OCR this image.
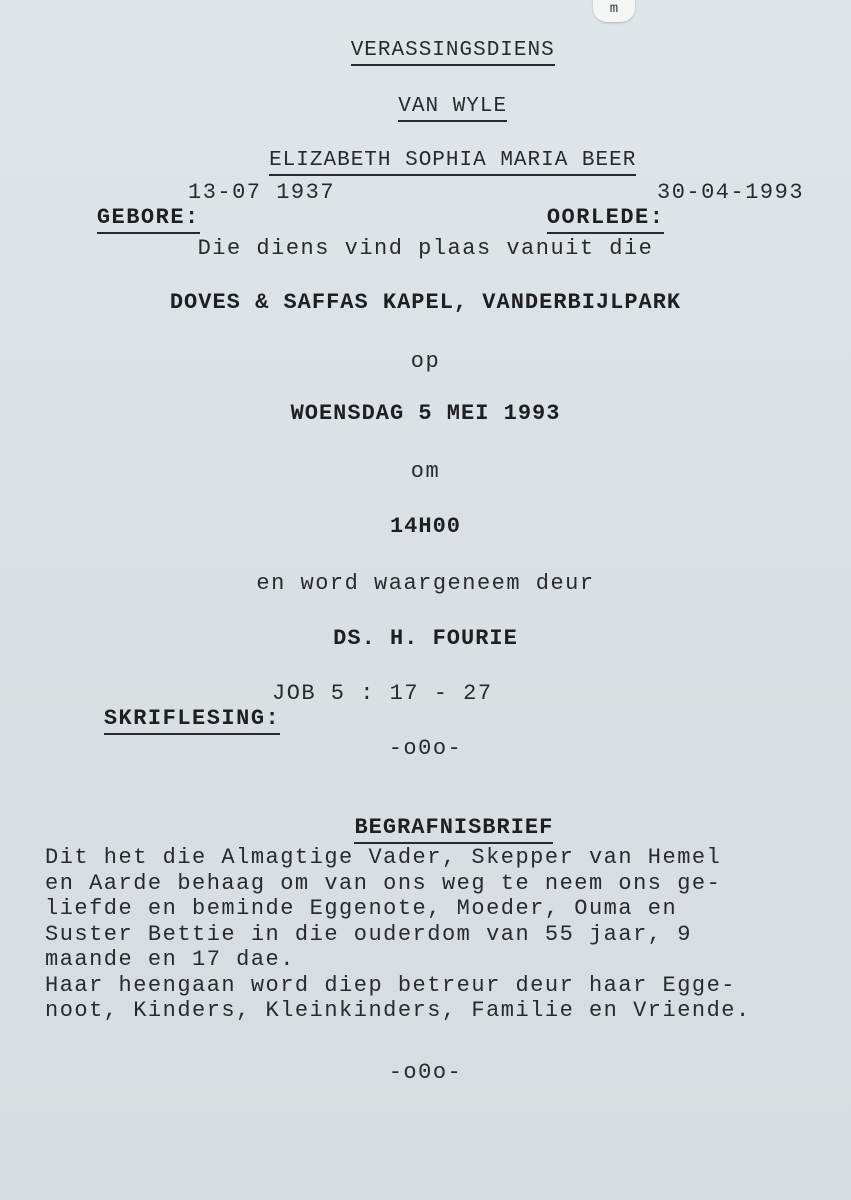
m

VERASSINGSDIENS

VAN WYLE

ELIZABETH SOPHIA MARIA BEER

GEBORE:

13-07 1937

OORLEDE:

30-04-1993
Die diens vind plaas vanuit die
DOVES & SAFFAS KAPEL, VANDERBIJLPARK
op
WOENSDAG 5 MEI 1993
om
14H00
en word waargeneem deur
DS. H. FOURIE

SKRIFLESING:

JOB 5 : 17 - 27
-o0o-

BEGRAFNISBRIEF

Dit het die Almagtige Vader, Skepper van Hemel
en Aarde behaag om van ons weg te neem ons ge-
liefde en beminde Eggenote, Moeder, Ouma en
Suster Bettie in die ouderdom van 55 jaar, 9
maande en 17 dae.
Haar heengaan word diep betreur deur haar Egge-
noot, Kinders, Kleinkinders, Familie en Vriende.
-o0o-
